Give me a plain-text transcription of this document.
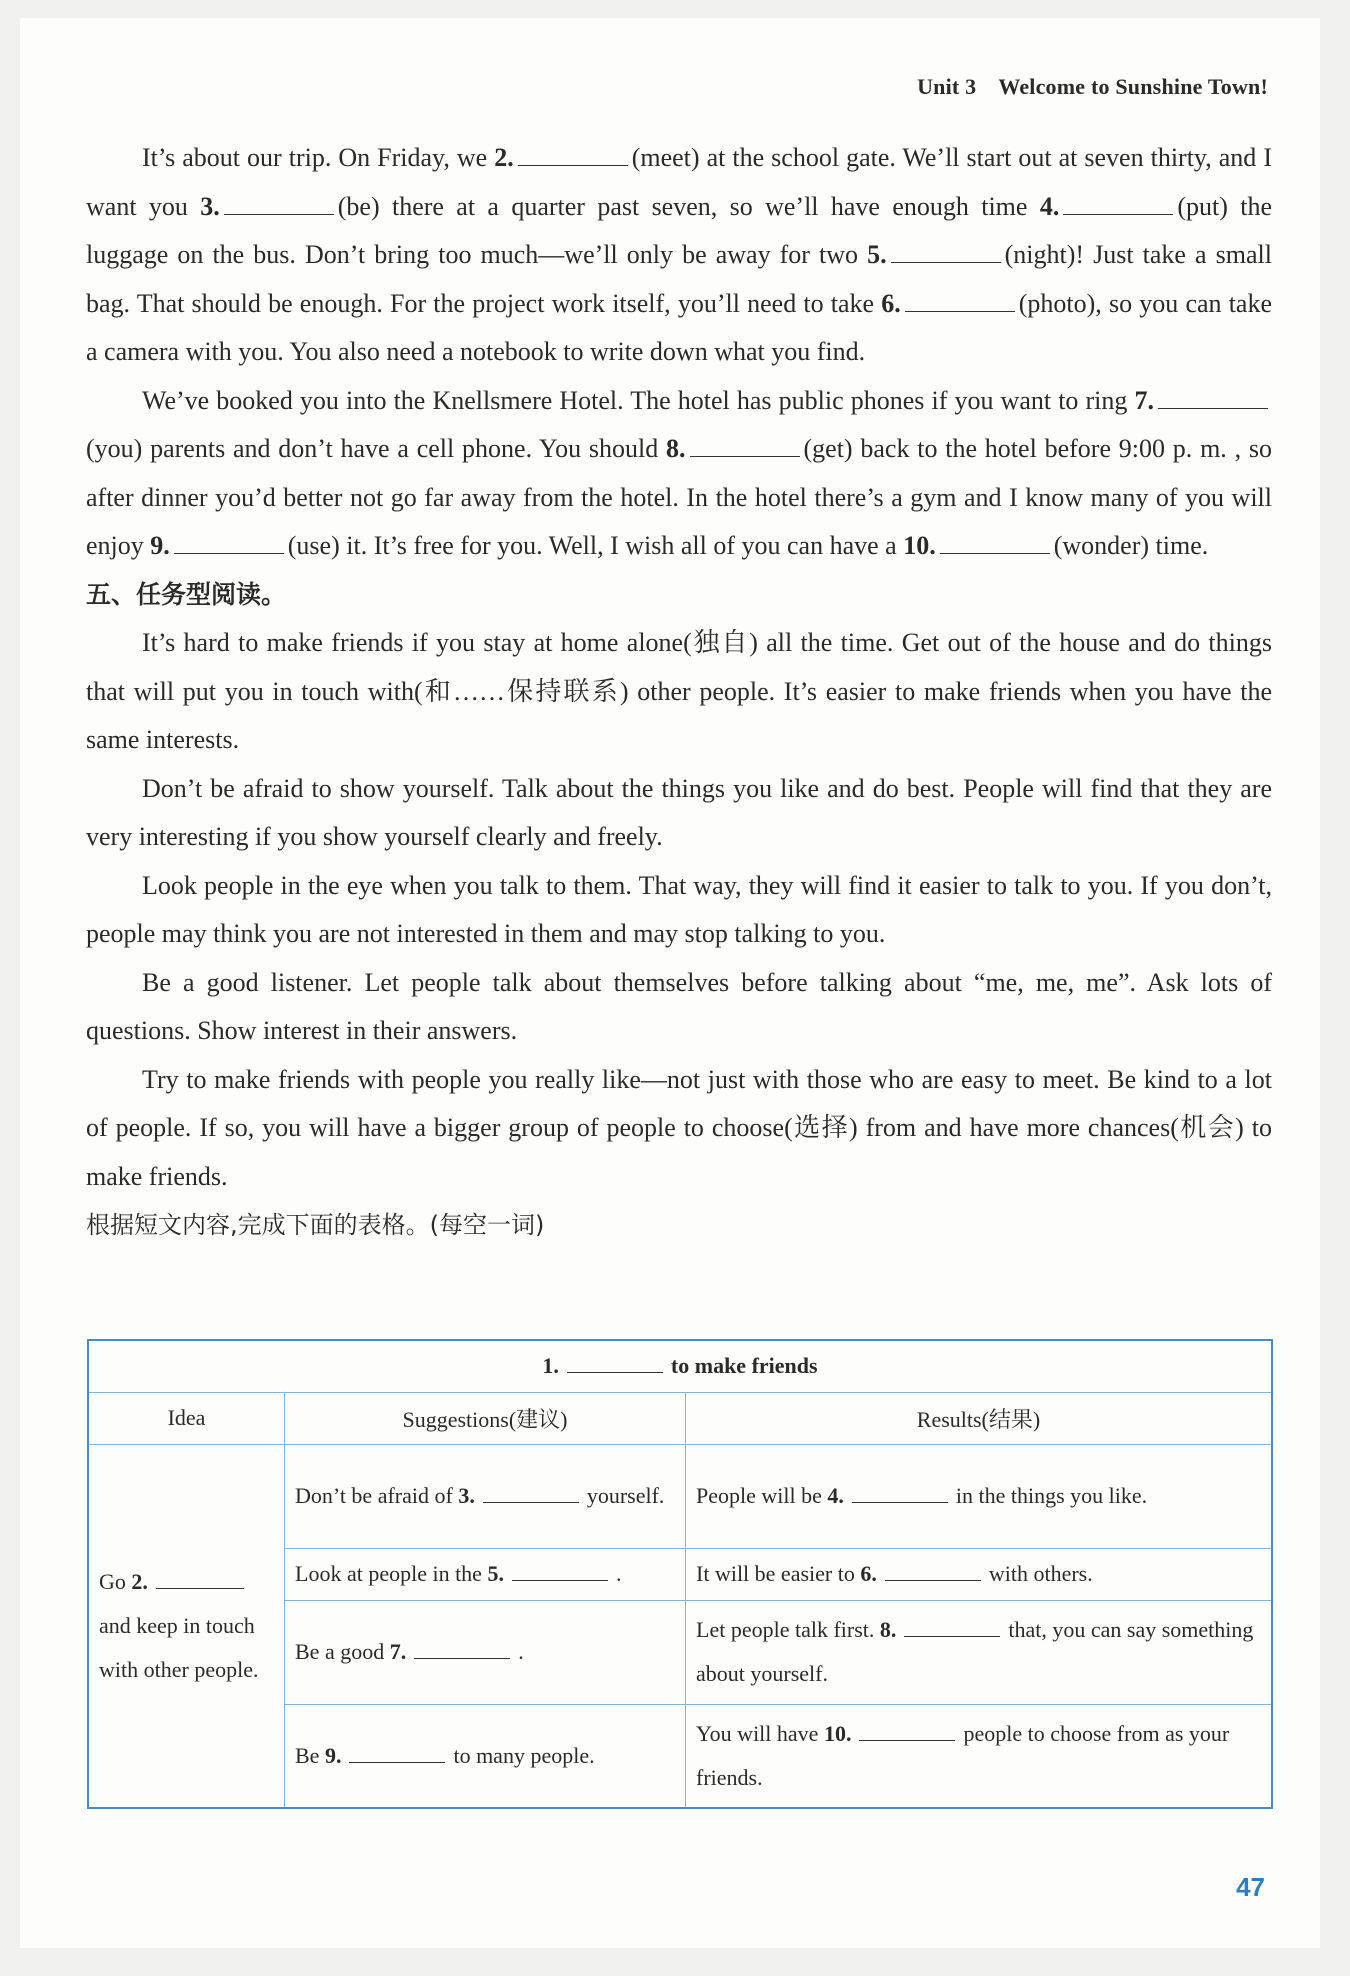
Unit 3 Welcome to Sunshine Town!
It’s about our trip. On Friday, we 2.	(meet) at the school gate. We’ll start out at seven thirty, and I want you 3.	(be) there at a quarter past seven, so we’ll have enough time 4.	(put) the luggage on the bus. Don’t bring too much—we’ll only be away for two 5.	(night)! Just take a small bag. That should be enough. For the project work itself, you’ll need to take 6.	(photo), so you can take a camera with you. You also need a notebook to write down what you find.
We’ve booked you into the Knellsmere Hotel. The hotel has public phones if you want to ring 7.(you) parents and don’t have a cell phone. You should 8.	(get) back to the hotel before 9:00 p. m. , so after dinner you’d better not go far away from the hotel. In the hotel there’s a gym and I know many of you will enjoy 9.	(use) it. It’s free for you. Well, I wish all of you can have a 10.	(wonder) time.
五、任务型阅读。
It’s hard to make friends if you stay at home alone(独自) all the time. Get out of the house and do things that will put you in touch with(和……保持联系) other people. It’s easier to make friends when you have the same interests.
Don’t be afraid to show yourself. Talk about the things you like and do best. People will find that they are very interesting if you show yourself clearly and freely.
Look people in the eye when you talk to them. That way, they will find it easier to talk to you. If you don’t, people may think you are not interested in them and may stop talking to you.
Be a good listener. Let people talk about themselves before talking about “me, me, me”. Ask lots of questions. Show interest in their answers.
Try to make friends with people you really like—not just with those who are easy to meet. Be kind to a lot of people. If so, you will have a bigger group of people to choose(选择) from and have more chances(机会) to make friends.
根据短文内容,完成下面的表格。(每空一词)
1. to make friends		
Idea	Suggestions(建议)	Results(结果)
Go 2.and keep in touch with other people.	Don’t be afraid of 3. yourself.	People will be 4. in the things you like.
	Look at people in the 5. .	It will be easier to 6. with others.
	Be a good 7. .	Let people talk first. 8. that, you can say something about yourself.
	Be 9. to many people.	You will have 10. people to choose from as your friends.
47
